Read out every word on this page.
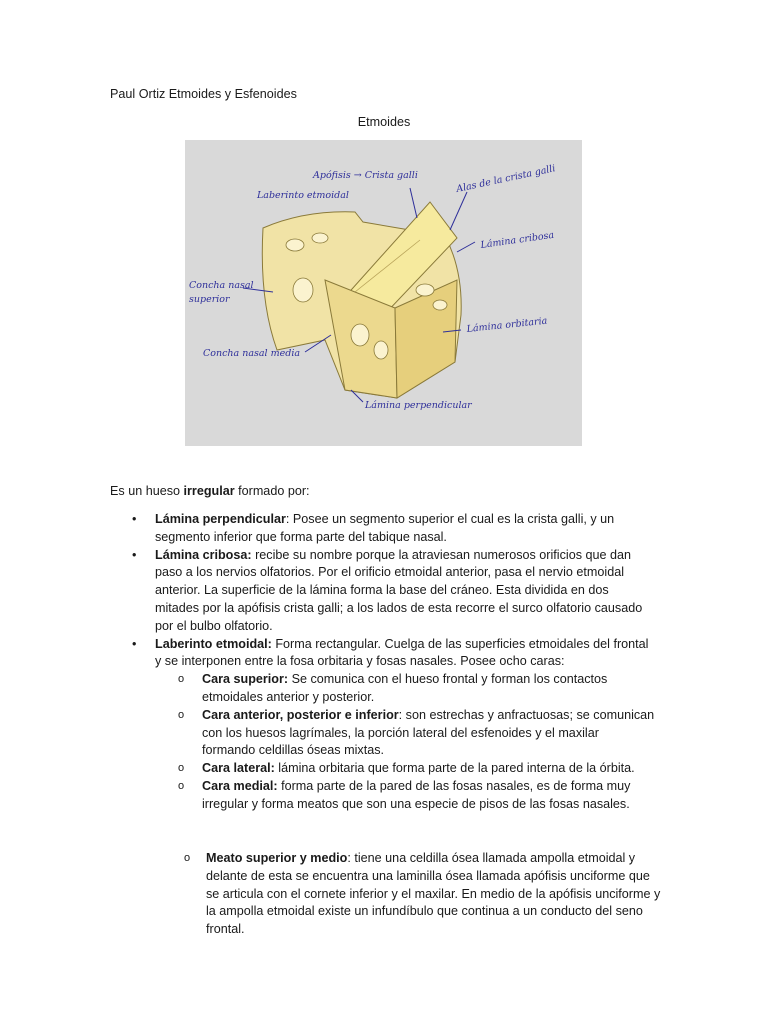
Paul Ortiz Etmoides y Esfenoides
Etmoides
Apófisis → Crista galli	Alas de la crista galli
Laberinto etmoidal
Lámina cribosa
Concha nasal
superior
Lámina orbitaria
Concha nasal media
Lámina perpendicular
Es un hueso irregular formado por:
• Lámina perpendicular: Posee un segmento superior el cual es la crista galli, y un segmento inferior que forma parte del tabique nasal.
• Lámina cribosa: recibe su nombre porque la atraviesan numerosos orificios que dan paso a los nervios olfatorios. Por el orificio etmoidal anterior, pasa el nervio etmoidal anterior. La superficie de la lámina forma la base del cráneo. Esta dividida en dos mitades por la apófisis crista galli; a los lados de esta recorre el surco olfatorio causado por el bulbo olfatorio.
• Laberinto etmoidal: Forma rectangular. Cuelga de las superficies etmoidales del frontal y se interponen entre la fosa orbitaria y fosas nasales. Posee ocho caras:
o Cara superior: Se comunica con el hueso frontal y forman los contactos etmoidales anterior y posterior.
o Cara anterior, posterior e inferior: son estrechas y anfractuosas; se comunican con los huesos lagrímales, la porción lateral del esfenoides y el maxilar formando celdillas óseas mixtas.
o Cara lateral: lámina orbitaria que forma parte de la pared interna de la órbita.
o Cara medial: forma parte de la pared de las fosas nasales, es de forma muy irregular y forma meatos que son una especie de pisos de las fosas nasales.
o Meato superior y medio: tiene una celdilla ósea llamada ampolla etmoidal y delante de esta se encuentra una laminilla ósea llamada apófisis unciforme que se articula con el cornete inferior y el maxilar. En medio de la apófisis unciforme y la ampolla etmoidal existe un infundíbulo que continua a un conducto del seno frontal.
